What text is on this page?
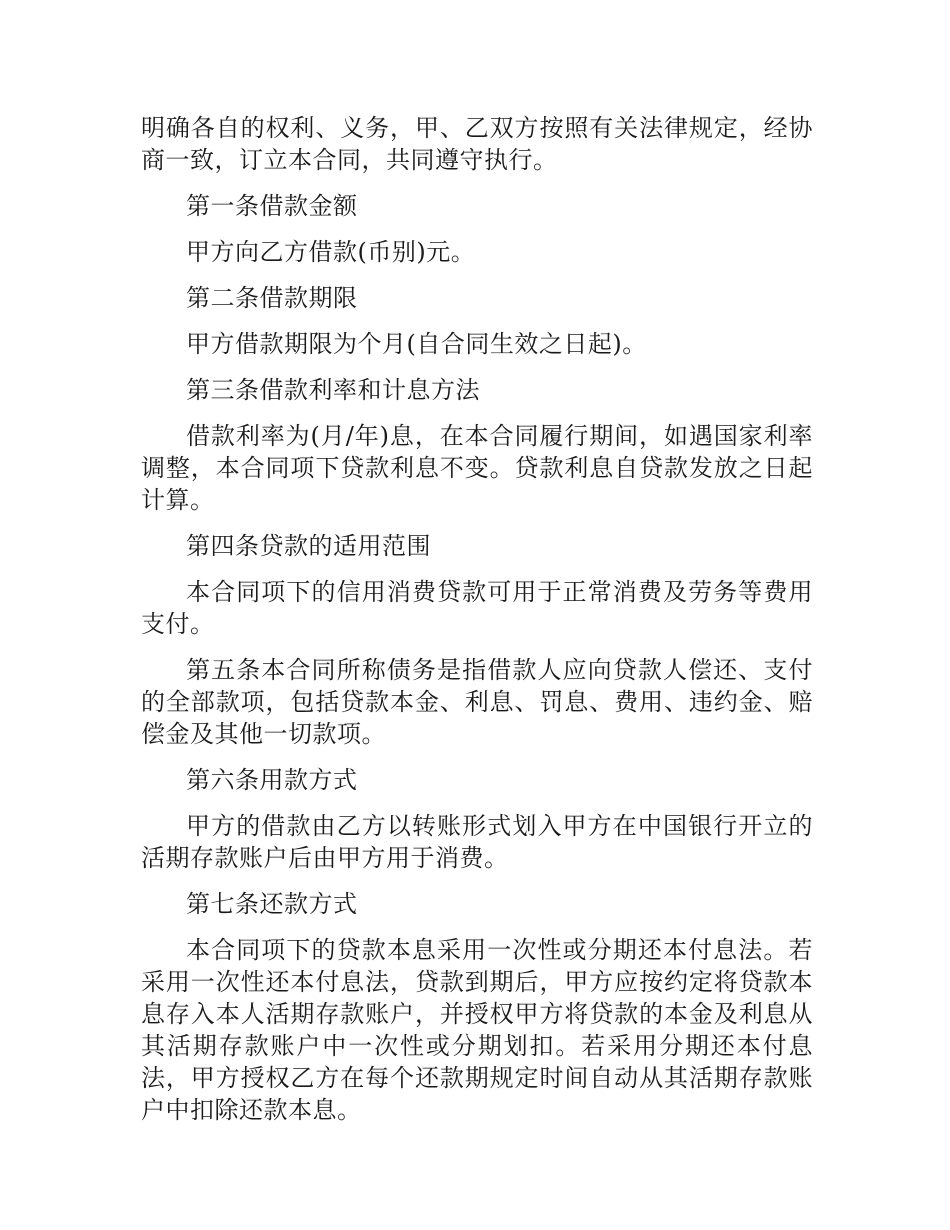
明确各自的权利、义务，甲、乙双方按照有关法律规定，经协商一致，订立本合同，共同遵守执行。

第一条借款金额

甲方向乙方借款(币别)元。

第二条借款期限

甲方借款期限为个月(自合同生效之日起)。

第三条借款利率和计息方法

借款利率为(月/年)息，在本合同履行期间，如遇国家利率调整，本合同项下贷款利息不变。贷款利息自贷款发放之日起计算。

第四条贷款的适用范围

本合同项下的信用消费贷款可用于正常消费及劳务等费用支付。

第五条本合同所称债务是指借款人应向贷款人偿还、支付的全部款项，包括贷款本金、利息、罚息、费用、违约金、赔偿金及其他一切款项。

第六条用款方式

甲方的借款由乙方以转账形式划入甲方在中国银行开立的活期存款账户后由甲方用于消费。

第七条还款方式

本合同项下的贷款本息采用一次性或分期还本付息法。若采用一次性还本付息法，贷款到期后，甲方应按约定将贷款本息存入本人活期存款账户，并授权甲方将贷款的本金及利息从其活期存款账户中一次性或分期划扣。若采用分期还本付息法，甲方授权乙方在每个还款期规定时间自动从其活期存款账户中扣除还款本息。
